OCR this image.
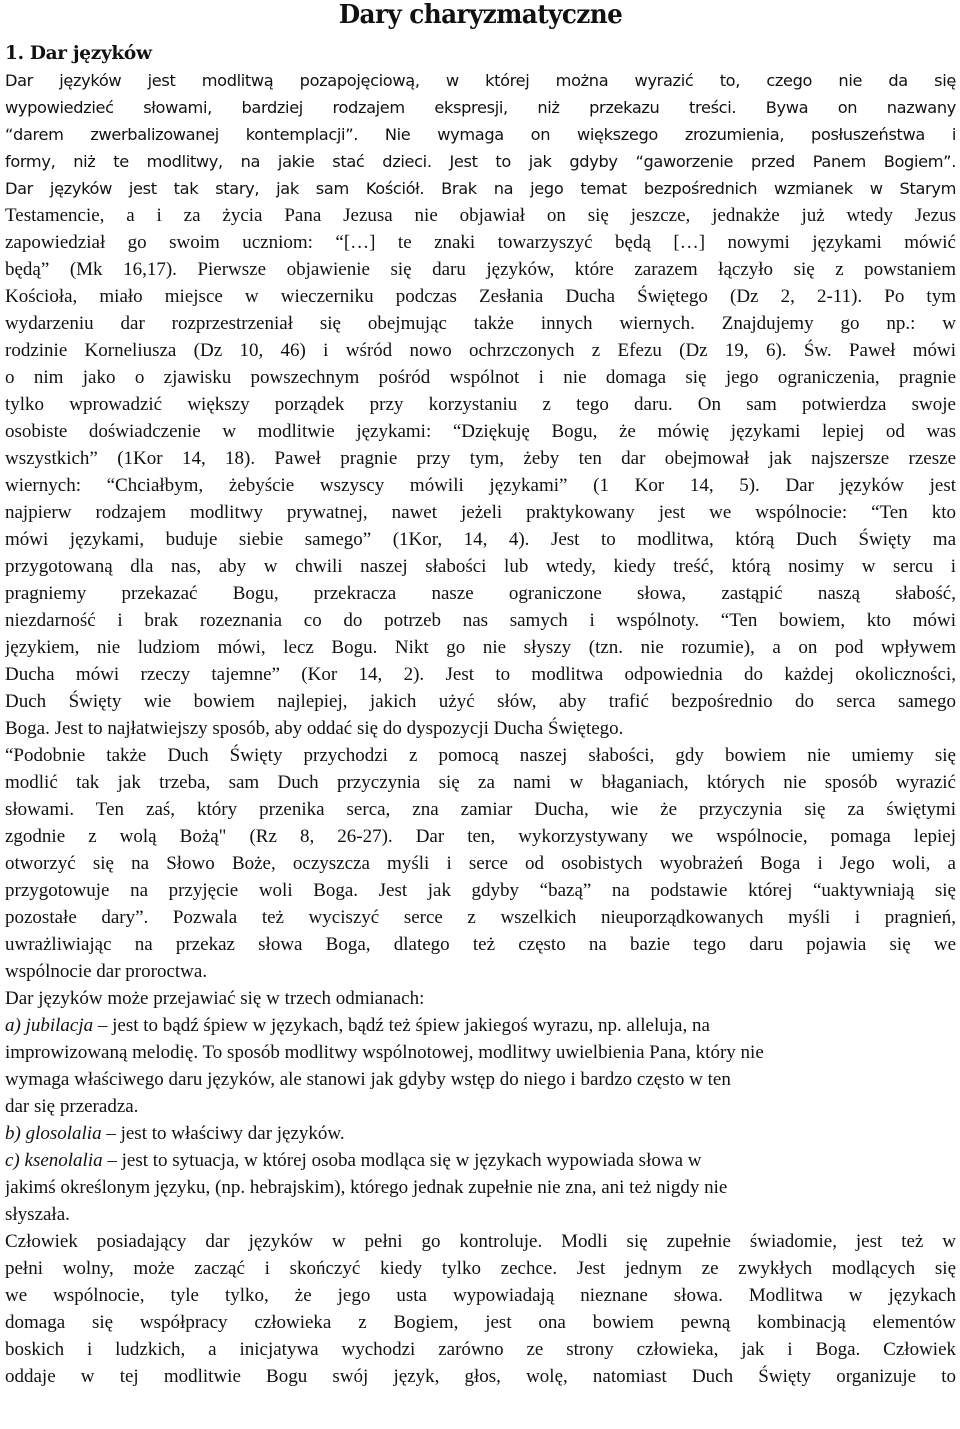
Dary charyzmatyczne
1. Dar języków
Dar języków jest modlitwą pozapojęciową, w której można wyrazić to, czego nie da się
wypowiedzieć słowami, bardziej rodzajem ekspresji, niż przekazu treści. Bywa on nazwany
“darem zwerbalizowanej kontemplacji”. Nie wymaga on większego zrozumienia, posłuszeństwa i
formy, niż te modlitwy, na jakie stać dzieci. Jest to jak gdyby “gaworzenie przed Panem Bogiem”.
Dar języków jest tak stary, jak sam Kościół. Brak na jego temat bezpośrednich wzmianek w Starym
Testamencie, a i za życia Pana Jezusa nie objawiał on się jeszcze, jednakże już wtedy Jezus
zapowiedział go swoim uczniom: “[…] te znaki towarzyszyć będą […] nowymi językami mówić
będą” (Mk 16,17). Pierwsze objawienie się daru języków, które zarazem łączyło się z powstaniem
Kościoła, miało miejsce w wieczerniku podczas Zesłania Ducha Świętego (Dz 2, 2-11). Po tym
wydarzeniu dar rozprzestrzeniał się obejmując także innych wiernych. Znajdujemy go np.: w
rodzinie Korneliusza (Dz 10, 46) i wśród nowo ochrzczonych z Efezu (Dz 19, 6). Św. Paweł mówi
o nim jako o zjawisku powszechnym pośród wspólnot i nie domaga się jego ograniczenia, pragnie
tylko wprowadzić większy porządek przy korzystaniu z tego daru. On sam potwierdza swoje
osobiste doświadczenie w modlitwie językami: “Dziękuję Bogu, że mówię językami lepiej od was
wszystkich” (1Kor 14, 18). Paweł pragnie przy tym, żeby ten dar obejmował jak najszersze rzesze
wiernych: “Chciałbym, żebyście wszyscy mówili językami” (1 Kor 14, 5). Dar języków jest
najpierw rodzajem modlitwy prywatnej, nawet jeżeli praktykowany jest we wspólnocie: “Ten kto
mówi językami, buduje siebie samego” (1Kor, 14, 4). Jest to modlitwa, którą Duch Święty ma
przygotowaną dla nas, aby w chwili naszej słabości lub wtedy, kiedy treść, którą nosimy w sercu i
pragniemy przekazać Bogu, przekracza nasze ograniczone słowa, zastąpić naszą słabość,
niezdarność i brak rozeznania co do potrzeb nas samych i wspólnoty. “Ten bowiem, kto mówi
językiem, nie ludziom mówi, lecz Bogu. Nikt go nie słyszy (tzn. nie rozumie), a on pod wpływem
Ducha mówi rzeczy tajemne” (Kor 14, 2). Jest to modlitwa odpowiednia do każdej okoliczności,
Duch Święty wie bowiem najlepiej, jakich użyć słów, aby trafić bezpośrednio do serca samego
Boga. Jest to najłatwiejszy sposób, aby oddać się do dyspozycji Ducha Świętego.
“Podobnie także Duch Święty przychodzi z pomocą naszej słabości, gdy bowiem nie umiemy się
modlić tak jak trzeba, sam Duch przyczynia się za nami w błaganiach, których nie sposób wyrazić
słowami. Ten zaś, który przenika serca, zna zamiar Ducha, wie że przyczynia się za świętymi
zgodnie z wolą Bożą" (Rz 8, 26-27). Dar ten, wykorzystywany we wspólnocie, pomaga lepiej
otworzyć się na Słowo Boże, oczyszcza myśli i serce od osobistych wyobrażeń Boga i Jego woli, a
przygotowuje na przyjęcie woli Boga. Jest jak gdyby “bazą” na podstawie której “uaktywniają się
pozostałe dary”. Pozwala też wyciszyć serce z wszelkich nieuporządkowanych myśli i pragnień,
uwrażliwiając na przekaz słowa Boga, dlatego też często na bazie tego daru pojawia się we
wspólnocie dar proroctwa.
Dar języków może przejawiać się w trzech odmianach:
a) jubilacja – jest to bądź śpiew w językach, bądź też śpiew jakiegoś wyrazu, np. alleluja, na
improwizowaną melodię. To sposób modlitwy wspólnotowej, modlitwy uwielbienia Pana, który nie
wymaga właściwego daru języków, ale stanowi jak gdyby wstęp do niego i bardzo często w ten
dar się przeradza.
b) glosolalia – jest to właściwy dar języków.
c) ksenolalia – jest to sytuacja, w której osoba modląca się w językach wypowiada słowa w
jakimś określonym języku, (np. hebrajskim), którego jednak zupełnie nie zna, ani też nigdy nie
słyszała.
Człowiek posiadający dar języków w pełni go kontroluje. Modli się zupełnie świadomie, jest też w
pełni wolny, może zacząć i skończyć kiedy tylko zechce. Jest jednym ze zwykłych modlących się
we wspólnocie, tyle tylko, że jego usta wypowiadają nieznane słowa. Modlitwa w językach
domaga się współpracy człowieka z Bogiem, jest ona bowiem pewną kombinacją elementów
boskich i ludzkich, a inicjatywa wychodzi zarówno ze strony człowieka, jak i Boga. Człowiek
oddaje w tej modlitwie Bogu swój język, głos, wolę, natomiast Duch Święty organizuje to
